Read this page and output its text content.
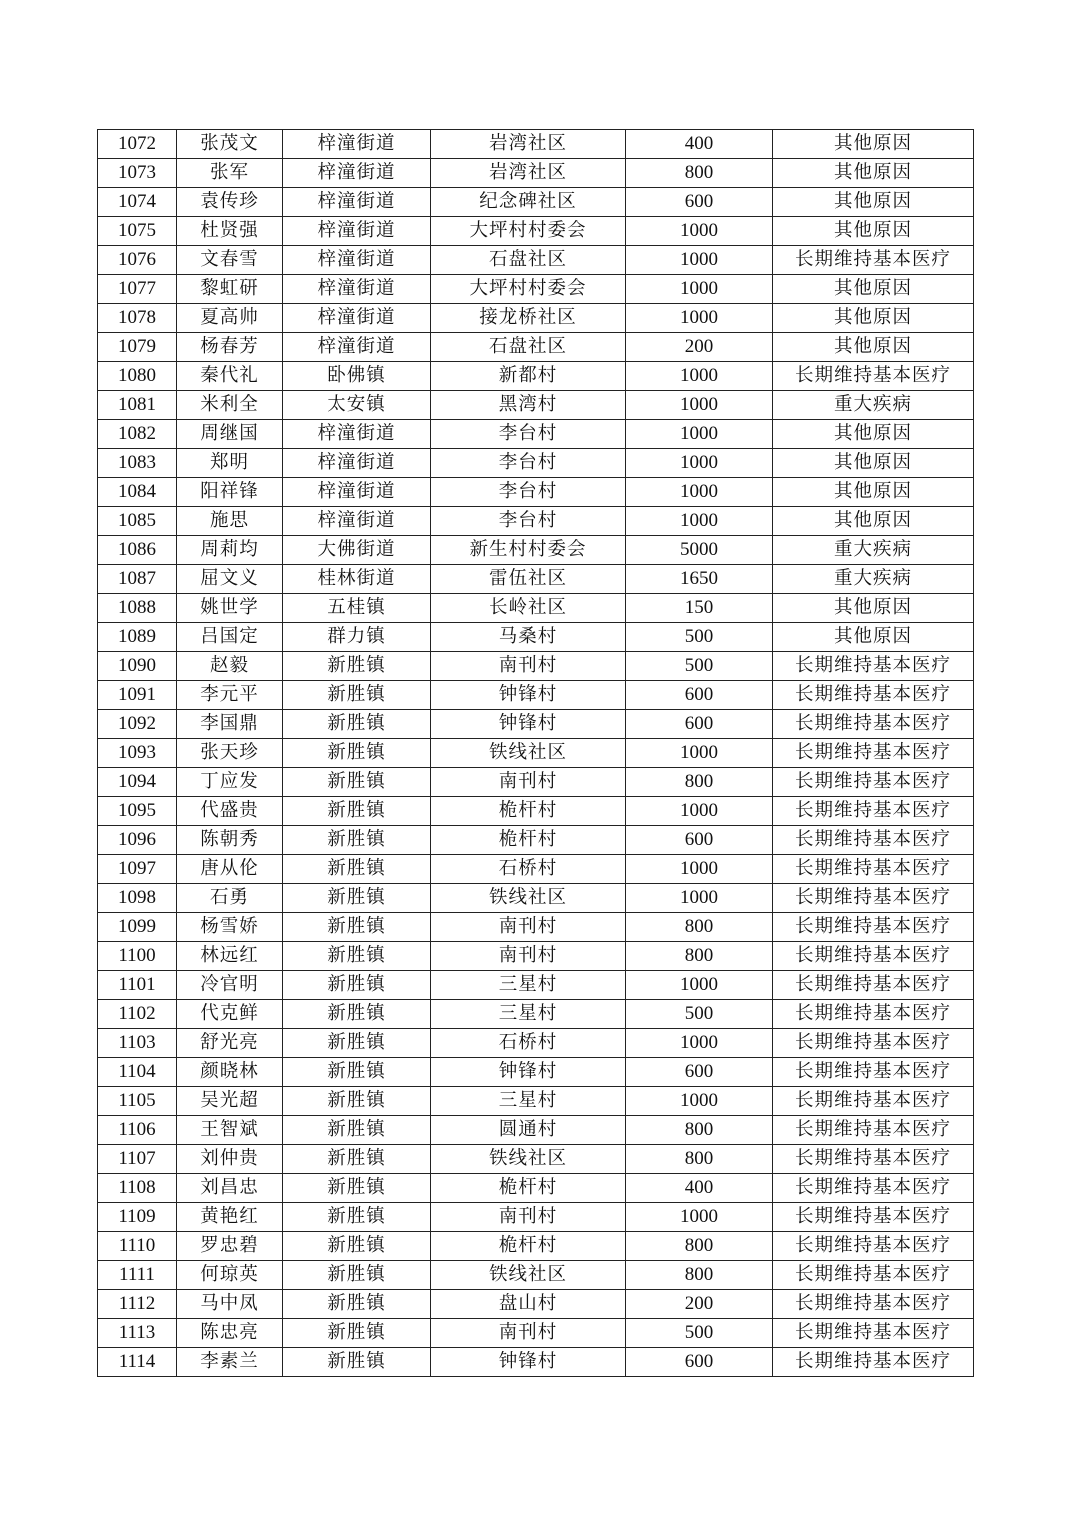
1072	张茂文	梓潼街道	岩湾社区	400	其他原因
1073	张军	梓潼街道	岩湾社区	800	其他原因
1074	袁传珍	梓潼街道	纪念碑社区	600	其他原因
1075	杜贤强	梓潼街道	大坪村村委会	1000	其他原因
1076	文春雪	梓潼街道	石盘社区	1000	长期维持基本医疗
1077	黎虹研	梓潼街道	大坪村村委会	1000	其他原因
1078	夏高帅	梓潼街道	接龙桥社区	1000	其他原因
1079	杨春芳	梓潼街道	石盘社区	200	其他原因
1080	秦代礼	卧佛镇	新都村	1000	长期维持基本医疗
1081	米利全	太安镇	黑湾村	1000	重大疾病
1082	周继国	梓潼街道	李台村	1000	其他原因
1083	郑明	梓潼街道	李台村	1000	其他原因
1084	阳祥锋	梓潼街道	李台村	1000	其他原因
1085	施思	梓潼街道	李台村	1000	其他原因
1086	周莉均	大佛街道	新生村村委会	5000	重大疾病
1087	屈文义	桂林街道	雷伍社区	1650	重大疾病
1088	姚世学	五桂镇	长岭社区	150	其他原因
1089	吕国定	群力镇	马桑村	500	其他原因
1090	赵毅	新胜镇	南刊村	500	长期维持基本医疗
1091	李元平	新胜镇	钟锋村	600	长期维持基本医疗
1092	李国鼎	新胜镇	钟锋村	600	长期维持基本医疗
1093	张天珍	新胜镇	铁线社区	1000	长期维持基本医疗
1094	丁应发	新胜镇	南刊村	800	长期维持基本医疗
1095	代盛贵	新胜镇	桅杆村	1000	长期维持基本医疗
1096	陈朝秀	新胜镇	桅杆村	600	长期维持基本医疗
1097	唐从伦	新胜镇	石桥村	1000	长期维持基本医疗
1098	石勇	新胜镇	铁线社区	1000	长期维持基本医疗
1099	杨雪娇	新胜镇	南刊村	800	长期维持基本医疗
1100	林远红	新胜镇	南刊村	800	长期维持基本医疗
1101	冷官明	新胜镇	三星村	1000	长期维持基本医疗
1102	代克鲜	新胜镇	三星村	500	长期维持基本医疗
1103	舒光亮	新胜镇	石桥村	1000	长期维持基本医疗
1104	颜晓林	新胜镇	钟锋村	600	长期维持基本医疗
1105	吴光超	新胜镇	三星村	1000	长期维持基本医疗
1106	王智斌	新胜镇	圆通村	800	长期维持基本医疗
1107	刘仲贵	新胜镇	铁线社区	800	长期维持基本医疗
1108	刘昌忠	新胜镇	桅杆村	400	长期维持基本医疗
1109	黄艳红	新胜镇	南刊村	1000	长期维持基本医疗
1110	罗忠碧	新胜镇	桅杆村	800	长期维持基本医疗
1111	何琼英	新胜镇	铁线社区	800	长期维持基本医疗
1112	马中凤	新胜镇	盘山村	200	长期维持基本医疗
1113	陈忠亮	新胜镇	南刊村	500	长期维持基本医疗
1114	李素兰	新胜镇	钟锋村	600	长期维持基本医疗
